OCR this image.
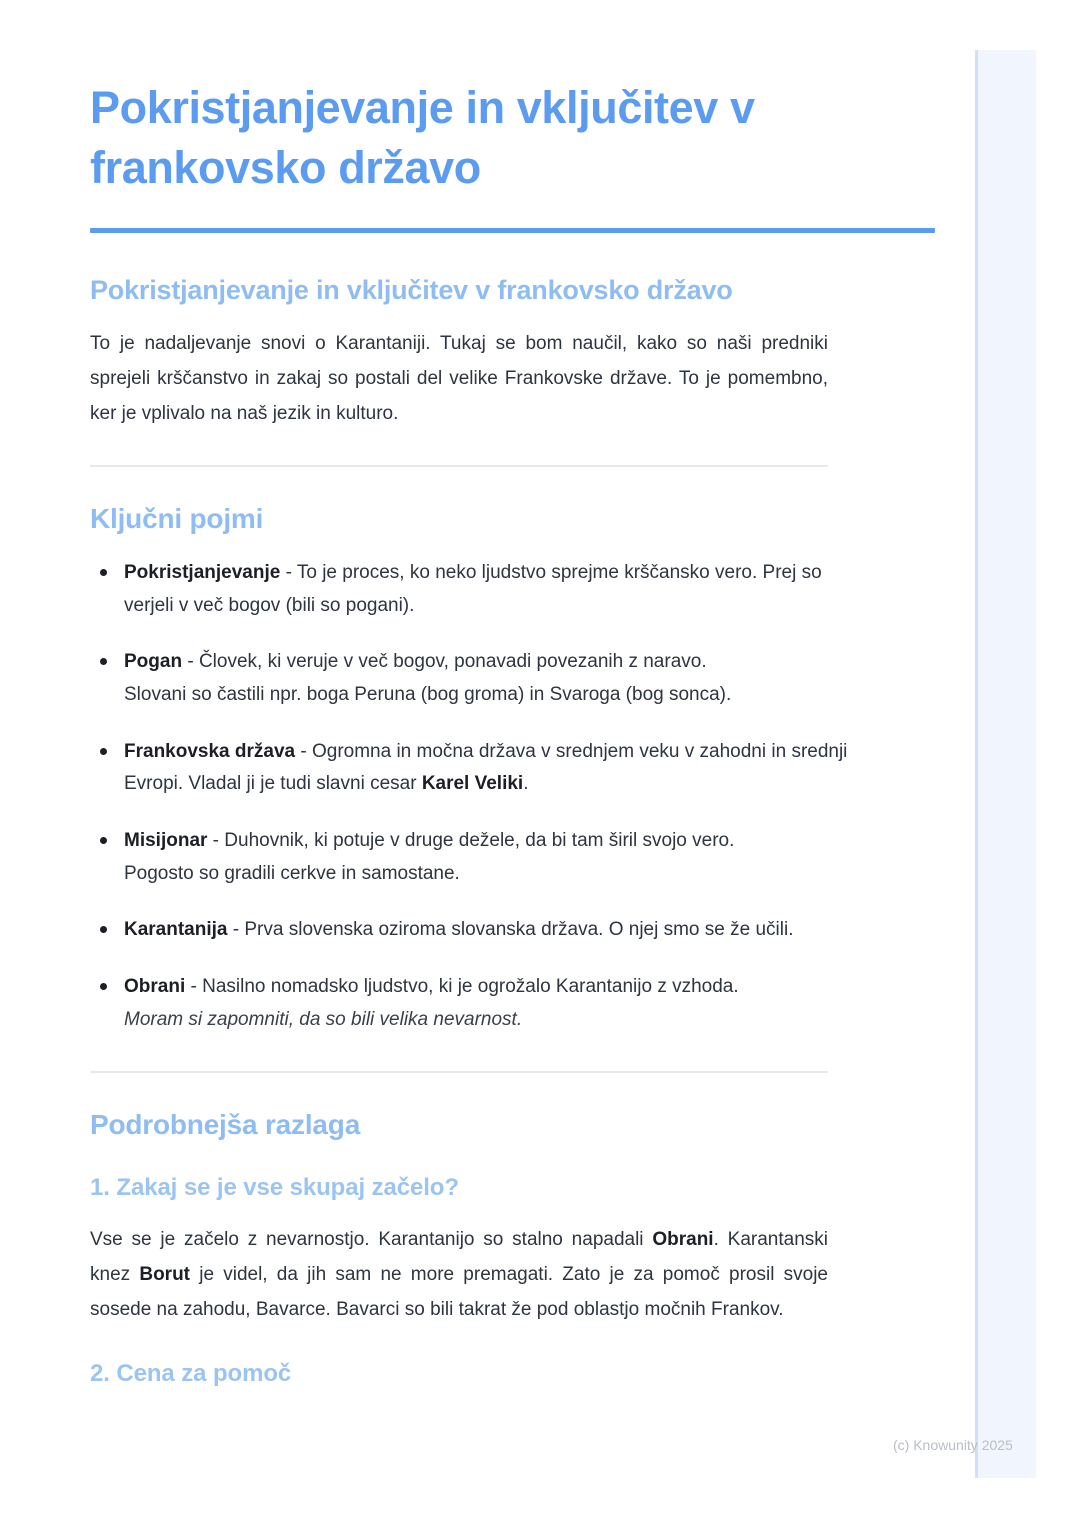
Pokristjanjevanje in vključitev v frankovsko državo
Pokristjanjevanje in vključitev v frankovsko državo

To je nadaljevanje snovi o Karantaniji. Tukaj se bom naučil, kako so naši predniki sprejeli krščanstvo in zakaj so postali del velike Frankovske države. To je pomembno, ker je vplivalo na naš jezik in kulturo.

Ključni pojmi
Pokristjanjevanje - To je proces, ko neko ljudstvo sprejme krščansko vero. Prej so verjeli v več bogov (bili so pogani).
Pogan - Človek, ki veruje v več bogov, ponavadi povezanih z naravo.
Slovani so častili npr. boga Peruna (bog groma) in Svaroga (bog sonca).
Frankovska država - Ogromna in močna država v srednjem veku v zahodni in srednji Evropi. Vladal ji je tudi slavni cesar Karel Veliki.
Misijonar - Duhovnik, ki potuje v druge dežele, da bi tam širil svojo vero.
Pogosto so gradili cerkve in samostane.
Karantanija - Prva slovenska oziroma slovanska država. O njej smo se že učili.
Obrani - Nasilno nomadsko ljudstvo, ki je ogrožalo Karantanijo z vzhoda.
Moram si zapomniti, da so bili velika nevarnost.
Podrobnejša razlaga
1. Zakaj se je vse skupaj začelo?

Vse se je začelo z nevarnostjo. Karantanijo so stalno napadali Obrani. Karantanski knez Borut je videl, da jih sam ne more premagati. Zato je za pomoč prosil svoje sosede na zahodu, Bavarce. Bavarci so bili takrat že pod oblastjo močnih Frankov.

2. Cena za pomoč
(c) Knowunity 2025
